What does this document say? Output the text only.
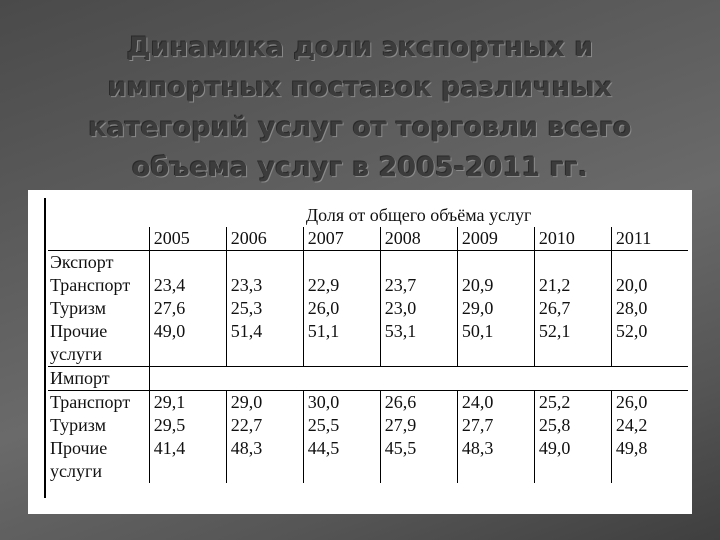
Динамика доли экспортных и
импортных поставок различных
категорий услуг от торговли всего
объема услуг в 2005-2011 гг.
	Доля от общего объёма услуг						
	2005	2006	2007	2008	2009	2010	2011
Экспорт							
Транспорт	23,4	23,3	22,9	23,7	20,9	21,2	20,0
Туризм	27,6	25,3	26,0	23,0	29,0	26,7	28,0
Прочие	49,0	51,4	51,1	53,1	50,1	52,1	52,0
услуги							
Импорт							
Транспорт	29,1	29,0	30,0	26,6	24,0	25,2	26,0
Туризм	29,5	22,7	25,5	27,9	27,7	25,8	24,2
Прочие	41,4	48,3	44,5	45,5	48,3	49,0	49,8
услуги							
